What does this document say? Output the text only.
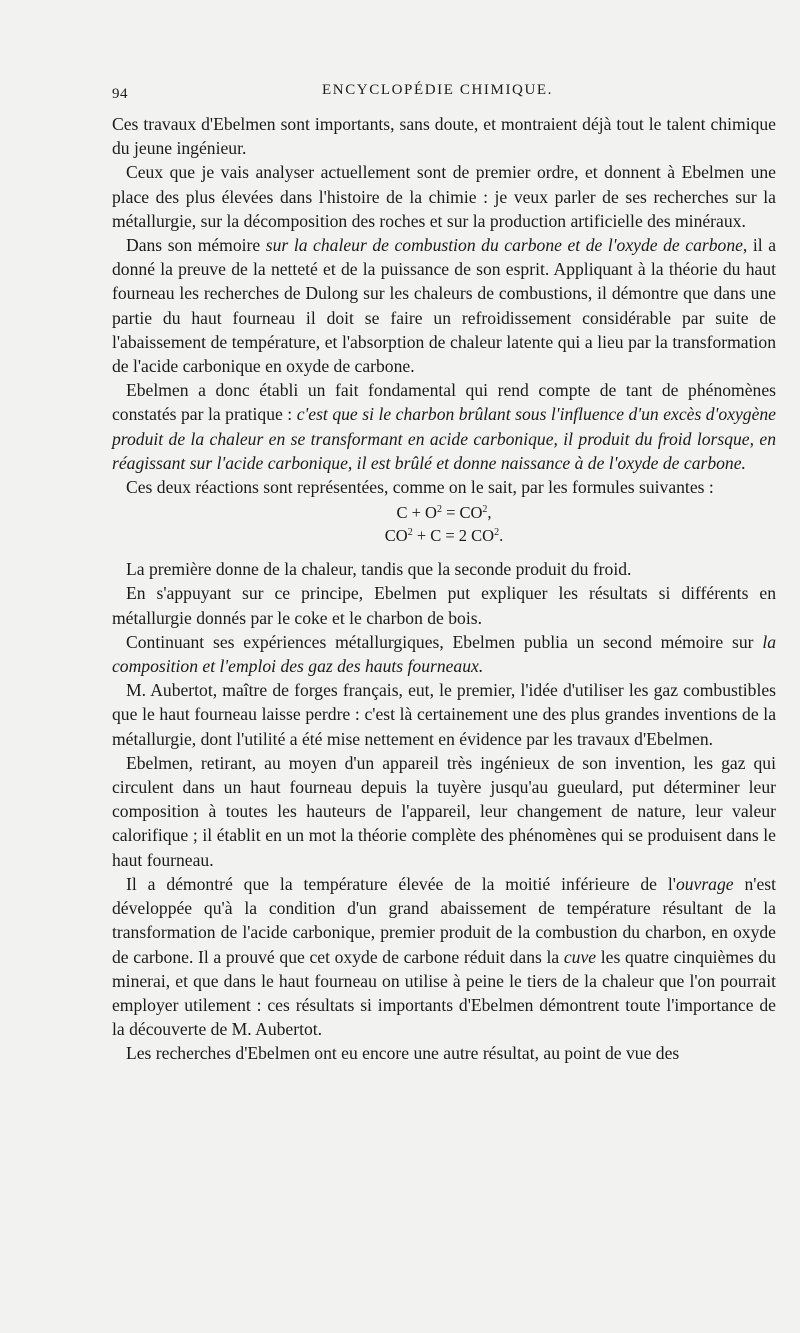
94	ENCYCLOPÉDIE CHIMIQUE.

Ces travaux d'Ebelmen sont importants, sans doute, et montraient déjà tout le talent chimique du jeune ingénieur.

Ceux que je vais analyser actuellement sont de premier ordre, et donnent à Ebelmen une place des plus élevées dans l'histoire de la chimie : je veux parler de ses recherches sur la métallurgie, sur la décomposition des roches et sur la production artificielle des minéraux.

Dans son mémoire sur la chaleur de combustion du carbone et de l'oxyde de carbone, il a donné la preuve de la netteté et de la puissance de son esprit. Appliquant à la théorie du haut fourneau les recherches de Dulong sur les chaleurs de combustions, il démontre que dans une partie du haut fourneau il doit se faire un refroidissement considérable par suite de l'abaissement de température, et l'absorption de chaleur latente qui a lieu par la transformation de l'acide carbonique en oxyde de carbone.

Ebelmen a donc établi un fait fondamental qui rend compte de tant de phénomènes constatés par la pratique : c'est que si le charbon brûlant sous l'influence d'un excès d'oxygène produit de la chaleur en se transformant en acide carbonique, il produit du froid lorsque, en réagissant sur l'acide carbonique, il est brûlé et donne naissance à de l'oxyde de carbone.

Ces deux réactions sont représentées, comme on le sait, par les formules suivantes :

$C + O^2 = CO^2$,
$CO^2 + C = 2$ $CO^2$.

La première donne de la chaleur, tandis que la seconde produit du froid.

En s'appuyant sur ce principe, Ebelmen put expliquer les résultats si différents en métallurgie donnés par le coke et le charbon de bois.

Continuant ses expériences métallurgiques, Ebelmen publia un second mémoire sur la composition et l'emploi des gaz des hauts fourneaux.

M. Aubertot, maître de forges français, eut, le premier, l'idée d'utiliser les gaz combustibles que le haut fourneau laisse perdre : c'est là certainement une des plus grandes inventions de la métallurgie, dont l'utilité a été mise nettement en évidence par les travaux d'Ebelmen.

Ebelmen, retirant, au moyen d'un appareil très ingénieux de son invention, les gaz qui circulent dans un haut fourneau depuis la tuyère jusqu'au gueulard, put déterminer leur composition à toutes les hauteurs de l'appareil, leur changement de nature, leur valeur calorifique ; il établit en un mot la théorie complète des phénomènes qui se produisent dans le haut fourneau.

Il a démontré que la température élevée de la moitié inférieure de l'ouvrage n'est développée qu'à la condition d'un grand abaissement de température résultant de la transformation de l'acide carbonique, premier produit de la combustion du charbon, en oxyde de carbone. Il a prouvé que cet oxyde de carbone réduit dans la cuve les quatre cinquièmes du minerai, et que dans le haut fourneau on utilise à peine le tiers de la chaleur que l'on pourrait employer utilement : ces résultats si importants d'Ebelmen démontrent toute l'importance de la découverte de M. Aubertot.

Les recherches d'Ebelmen ont eu encore une autre résultat, au point de vue des
